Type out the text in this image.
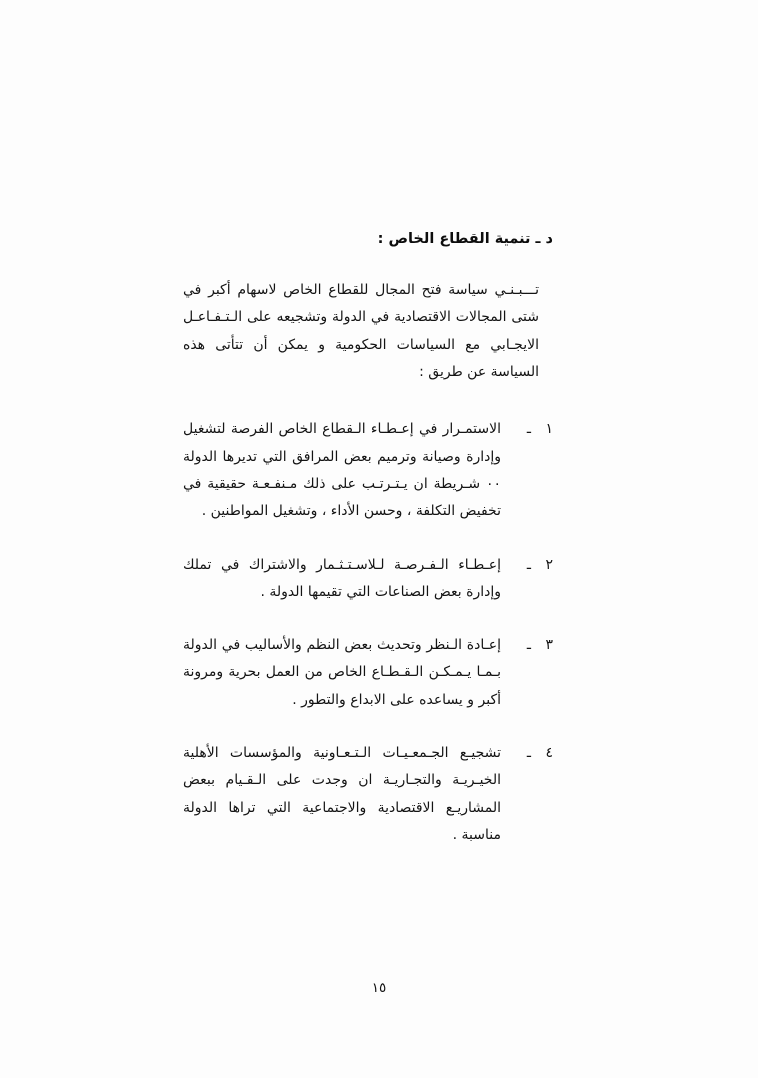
د ـ تنمية القطاع الخاص :

تـــبـنـي سياسة فتح المجال للقطاع الخاص لاسهام أكبر في شتى المجالات الاقتصادية في الدولة وتشجيعه على الـتـفـاعـل الايجـابي مع السياسات الحكومية و يمكن أن تتأتى هذه السياسة عن طريق :

١ ـ
الاستمـرار في إعـطـاء الـقطاع الخاص الفرصة لتشغيل وإدارة وصيانة وترميم بعض المرافق التي تديرها الدولة ٠٠ شـريطة ان يـتـرتـب على ذلك مـنفـعـة حقيقية في تخفيض التكلفة ، وحسن الأداء ، وتشغيل المواطنين .
٢ ـ
إعـطـاء الـفـرصـة لـلاسـتـثـمار والاشتراك في تملك وإدارة بعض الصناعات التي تقيمها الدولة .
٣ ـ
إعـادة الـنظر وتحديث بعض النظم والأساليب في الدولة بـمـا يـمـكـن الـقـطـاع الخاص من العمل بحرية ومرونة أكبر و يساعده على الابداع والتطور .
٤ ـ
تشجيـع الجـمعـيـات الـتـعـاونية والمؤسسات الأهلية الخيـريـة والتجـاريـة ان وجدت على الـقـيام ببعض المشاريـع الاقتصادية والاجتماعية التي تراها الدولة مناسبة .
١٥
